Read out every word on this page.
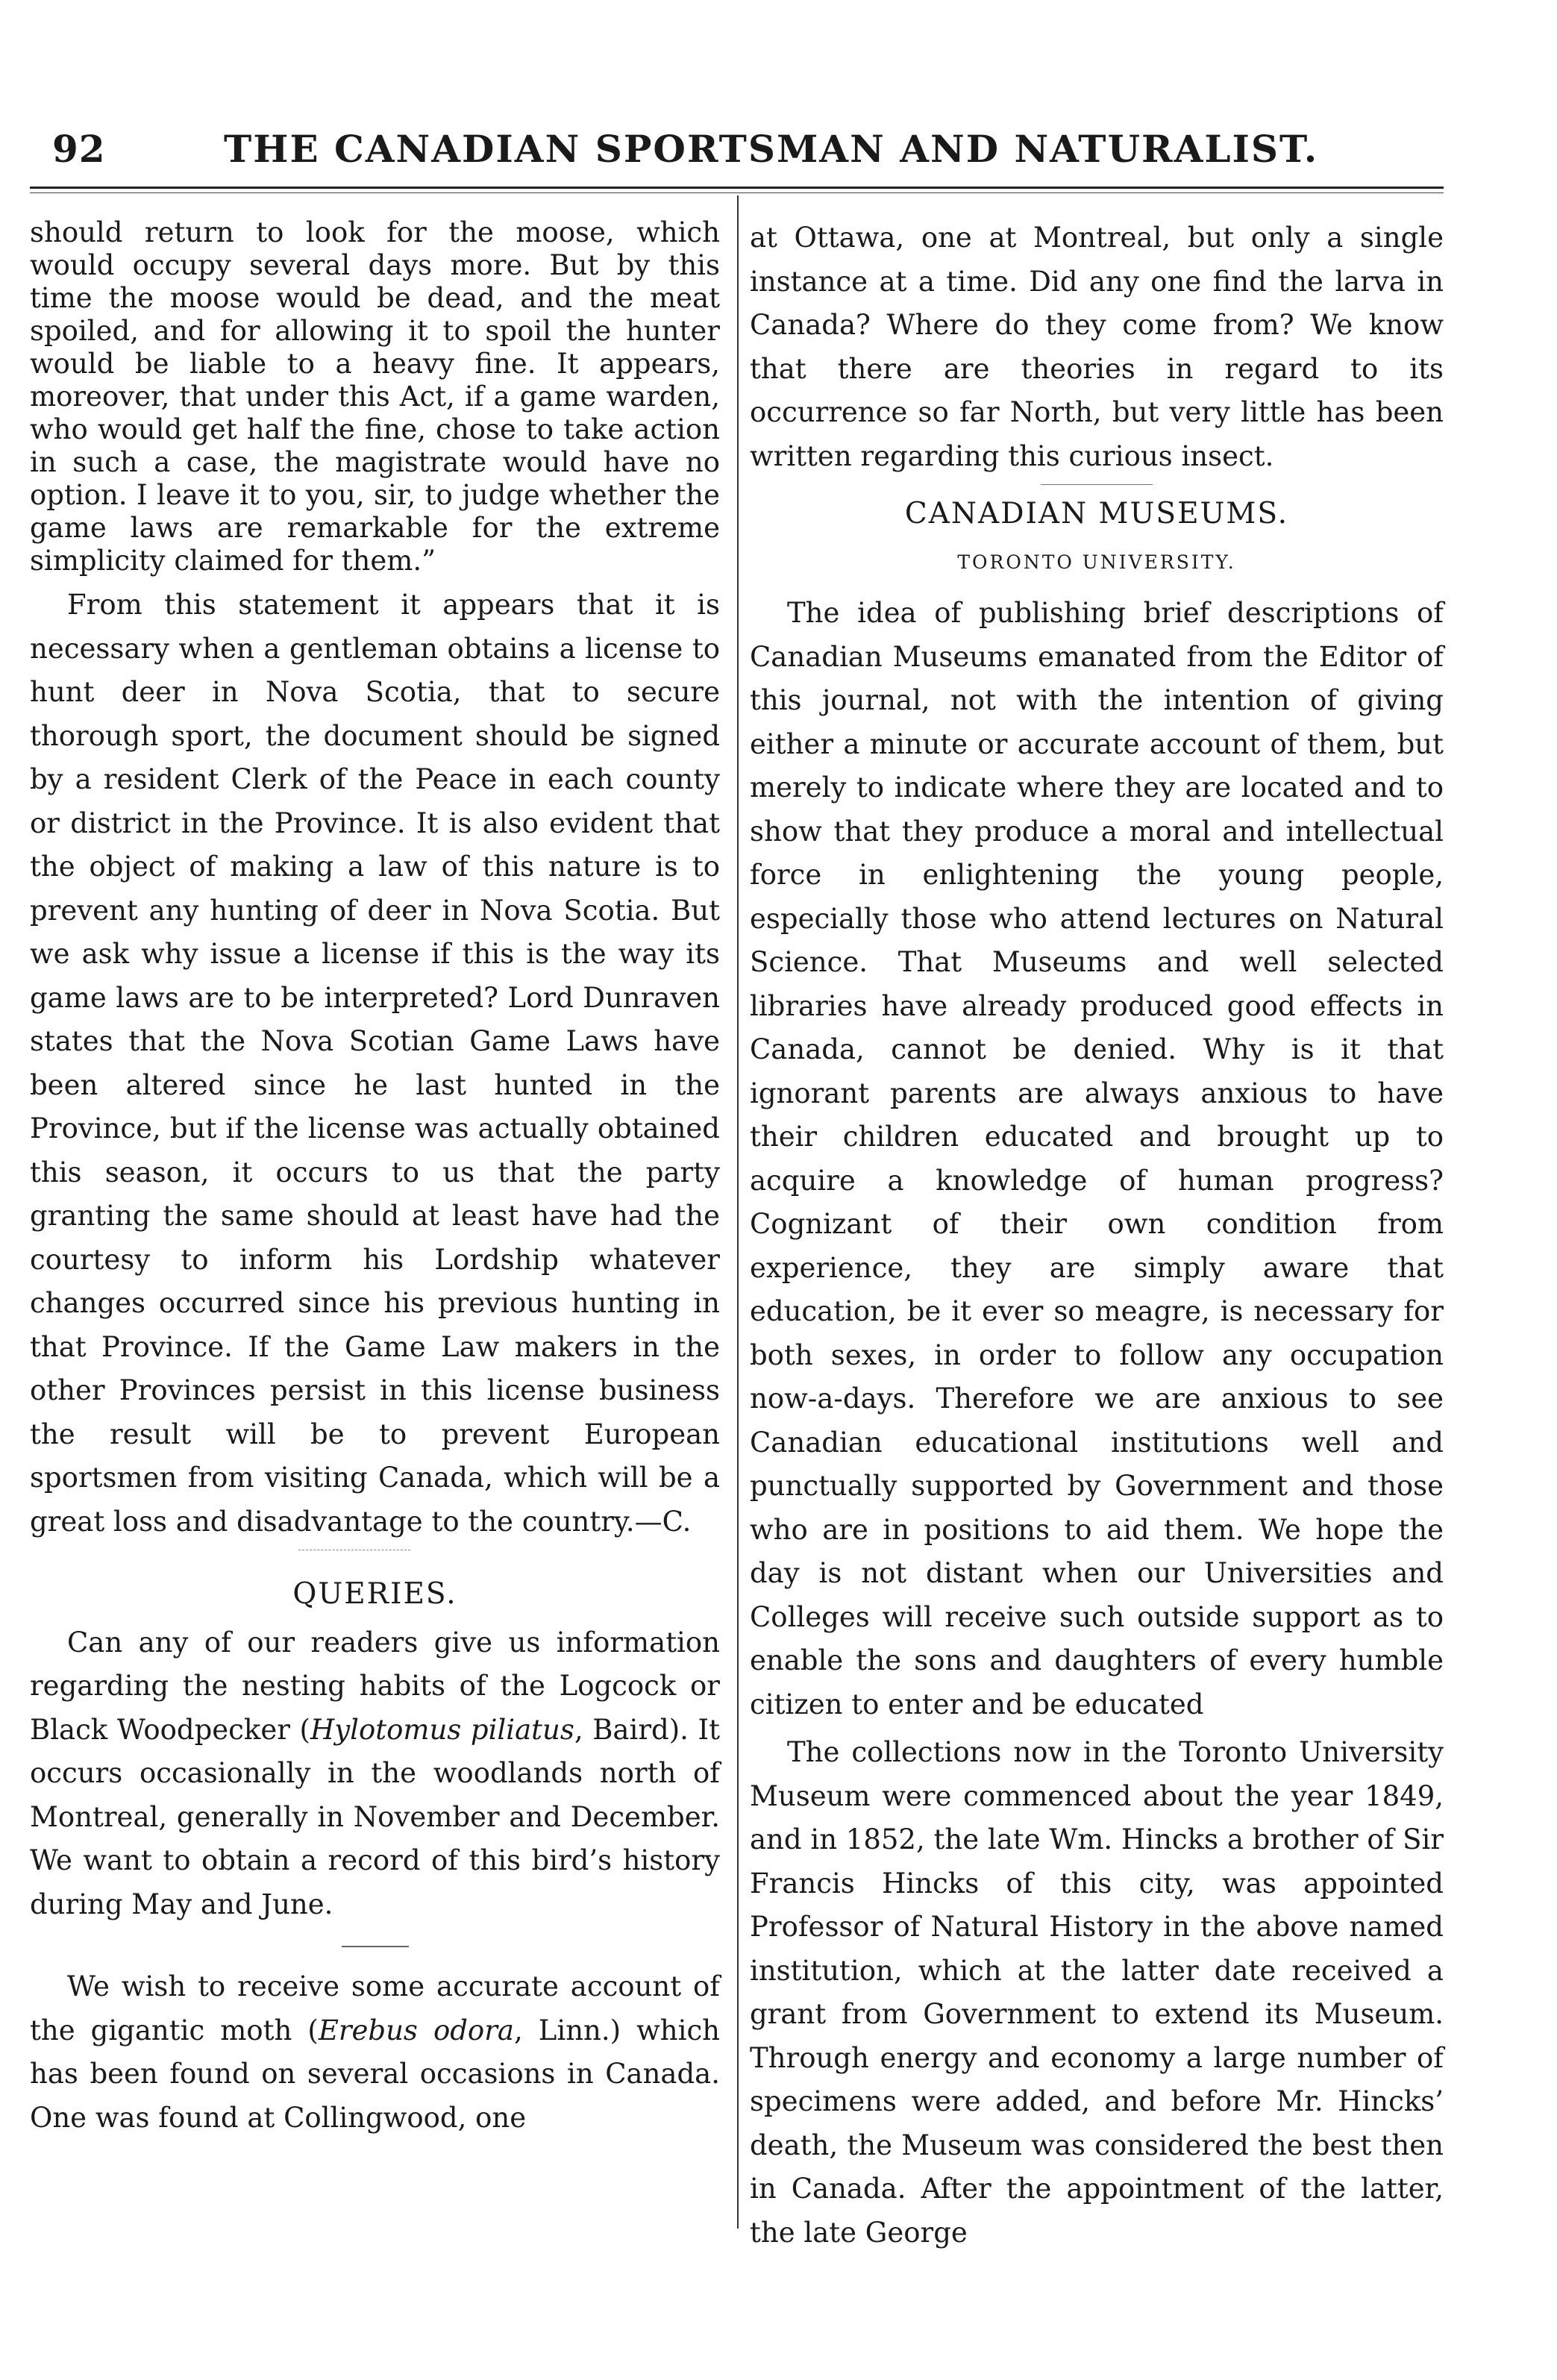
92	THE CANADIAN SPORTSMAN AND NATURALIST.

should return to look for the moose, which would occupy several days more. But by this time the moose would be dead, and the meat spoiled, and for allowing it to spoil the hunter would be liable to a heavy fine. It appears, moreover, that under this Act, if a game warden, who would get half the fine, chose to take action in such a case, the magistrate would have no option. I leave it to you, sir, to judge whether the game laws are remarkable for the extreme simplicity claimed for them.”

From this statement it appears that it is necessary when a gentleman obtains a license to hunt deer in Nova Scotia, that to secure thorough sport, the document should be signed by a resident Clerk of the Peace in each county or district in the Province. It is also evident that the object of making a law of this nature is to prevent any hunting of deer in Nova Scotia. But we ask why issue a license if this is the way its game laws are to be interpreted? Lord Dunraven states that the Nova Scotian Game Laws have been altered since he last hunted in the Province, but if the license was actually obtained this season, it occurs to us that the party granting the same should at least have had the courtesy to inform his Lordship whatever changes occurred since his previous hunting in that Province. If the Game Law makers in the other Provinces persist in this license business the result will be to prevent European sportsmen from visiting Canada, which will be a great loss and disadvantage to the country.—C.

QUERIES.

Can any of our readers give us information regarding the nesting habits of the Logcock or Black Woodpecker (Hylotomus piliatus, Baird). It occurs occasionally in the woodlands north of Montreal, generally in November and December. We want to obtain a record of this bird’s history during May and June.

We wish to receive some accurate account of the gigantic moth (Erebus odora, Linn.) which has been found on several occasions in Canada. One was found at Collingwood, one

at Ottawa, one at Montreal, but only a single instance at a time. Did any one find the larva in Canada? Where do they come from? We know that there are theories in regard to its occurrence so far North, but very little has been written regarding this curious insect.

CANADIAN MUSEUMS.
TORONTO UNIVERSITY.

The idea of publishing brief descriptions of Canadian Museums emanated from the Editor of this journal, not with the intention of giving either a minute or accurate account of them, but merely to indicate where they are located and to show that they produce a moral and intellectual force in enlightening the young people, especially those who attend lectures on Natural Science. That Museums and well selected libraries have already produced good effects in Canada, cannot be denied. Why is it that ignorant parents are always anxious to have their children educated and brought up to acquire a knowledge of human progress? Cognizant of their own condition from experience, they are simply aware that education, be it ever so meagre, is necessary for both sexes, in order to follow any occupation now-a-days. Therefore we are anxious to see Canadian educational institutions well and punctually supported by Government and those who are in positions to aid them. We hope the day is not distant when our Universities and Colleges will receive such outside support as to enable the sons and daughters of every humble citizen to enter and be educated

The collections now in the Toronto University Museum were commenced about the year 1849, and in 1852, the late Wm. Hincks a brother of Sir Francis Hincks of this city, was appointed Professor of Natural History in the above named institution, which at the latter date received a grant from Government to extend its Museum. Through energy and economy a large number of specimens were added, and before Mr. Hincks’ death, the Museum was considered the best then in Canada. After the appointment of the latter, the late George
